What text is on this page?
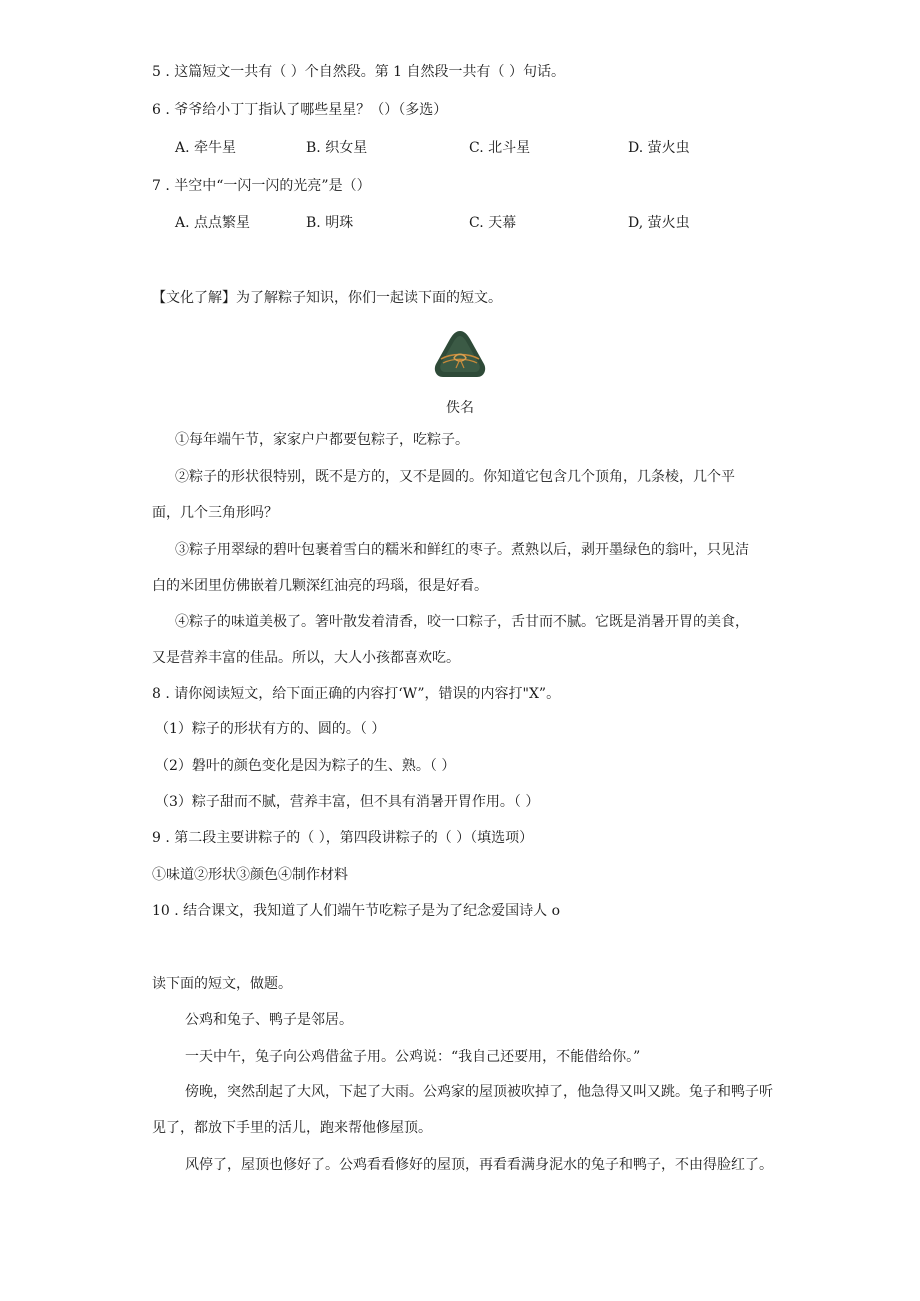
5 . 这篇短文一共有（ ）个自然段。第 1 自然段一共有（ ）句话。
6 . 爷爷给小丁丁指认了哪些星星？（）（多选）
A. 牵牛星	B. 织女星	C. 北斗星	D. 萤火虫
7 . 半空中“一闪一闪的光亮”是（）
A. 点点繁星	B. 明珠	C. 天幕	D, 萤火虫
【文化了解】为了解粽子知识，你们一起读下面的短文。
佚名
①每年端午节，家家户户都要包粽子，吃粽子。
②粽子的形状很特别，既不是方的，又不是圆的。你知道它包含几个顶角，几条棱，几个平
面，几个三角形吗？
③粽子用翠绿的碧叶包裹着雪白的糯米和鲜红的枣子。煮熟以后，剥开墨绿色的翁叶，只见洁
白的米团里仿佛嵌着几颗深红油亮的玛瑙，很是好看。
④粽子的味道美极了。箸叶散发着清香，咬一口粽子，舌甘而不腻。它既是消暑开胃的美食，
又是营养丰富的佳品。所以，大人小孩都喜欢吃。
8 . 请你阅读短文，给下面正确的内容打‘W”，错误的内容打"X”。
（1）粽子的形状有方的、圆的。（ ）
（2）磐叶的颜色变化是因为粽子的生、熟。（ ）
（3）粽子甜而不腻，营养丰富，但不具有消暑开胃作用。（ ）
9 . 第二段主要讲粽子的（ ），第四段讲粽子的（ ）（填选项）
①味道②形状③颜色④制作材料
10 . 结合课文，我知道了人们端午节吃粽子是为了纪念爱国诗人 o
读下面的短文，做题。
公鸡和兔子、鸭子是邻居。
一天中午，兔子向公鸡借盆子用。公鸡说：“我自己还要用，不能借给你。”
傍晚，突然刮起了大风，下起了大雨。公鸡家的屋顶被吹掉了，他急得又叫又跳。兔子和鸭子听
见了，都放下手里的活儿，跑来帮他修屋顶。
风停了，屋顶也修好了。公鸡看看修好的屋顶，再看看满身泥水的兔子和鸭子，不由得脸红了。
